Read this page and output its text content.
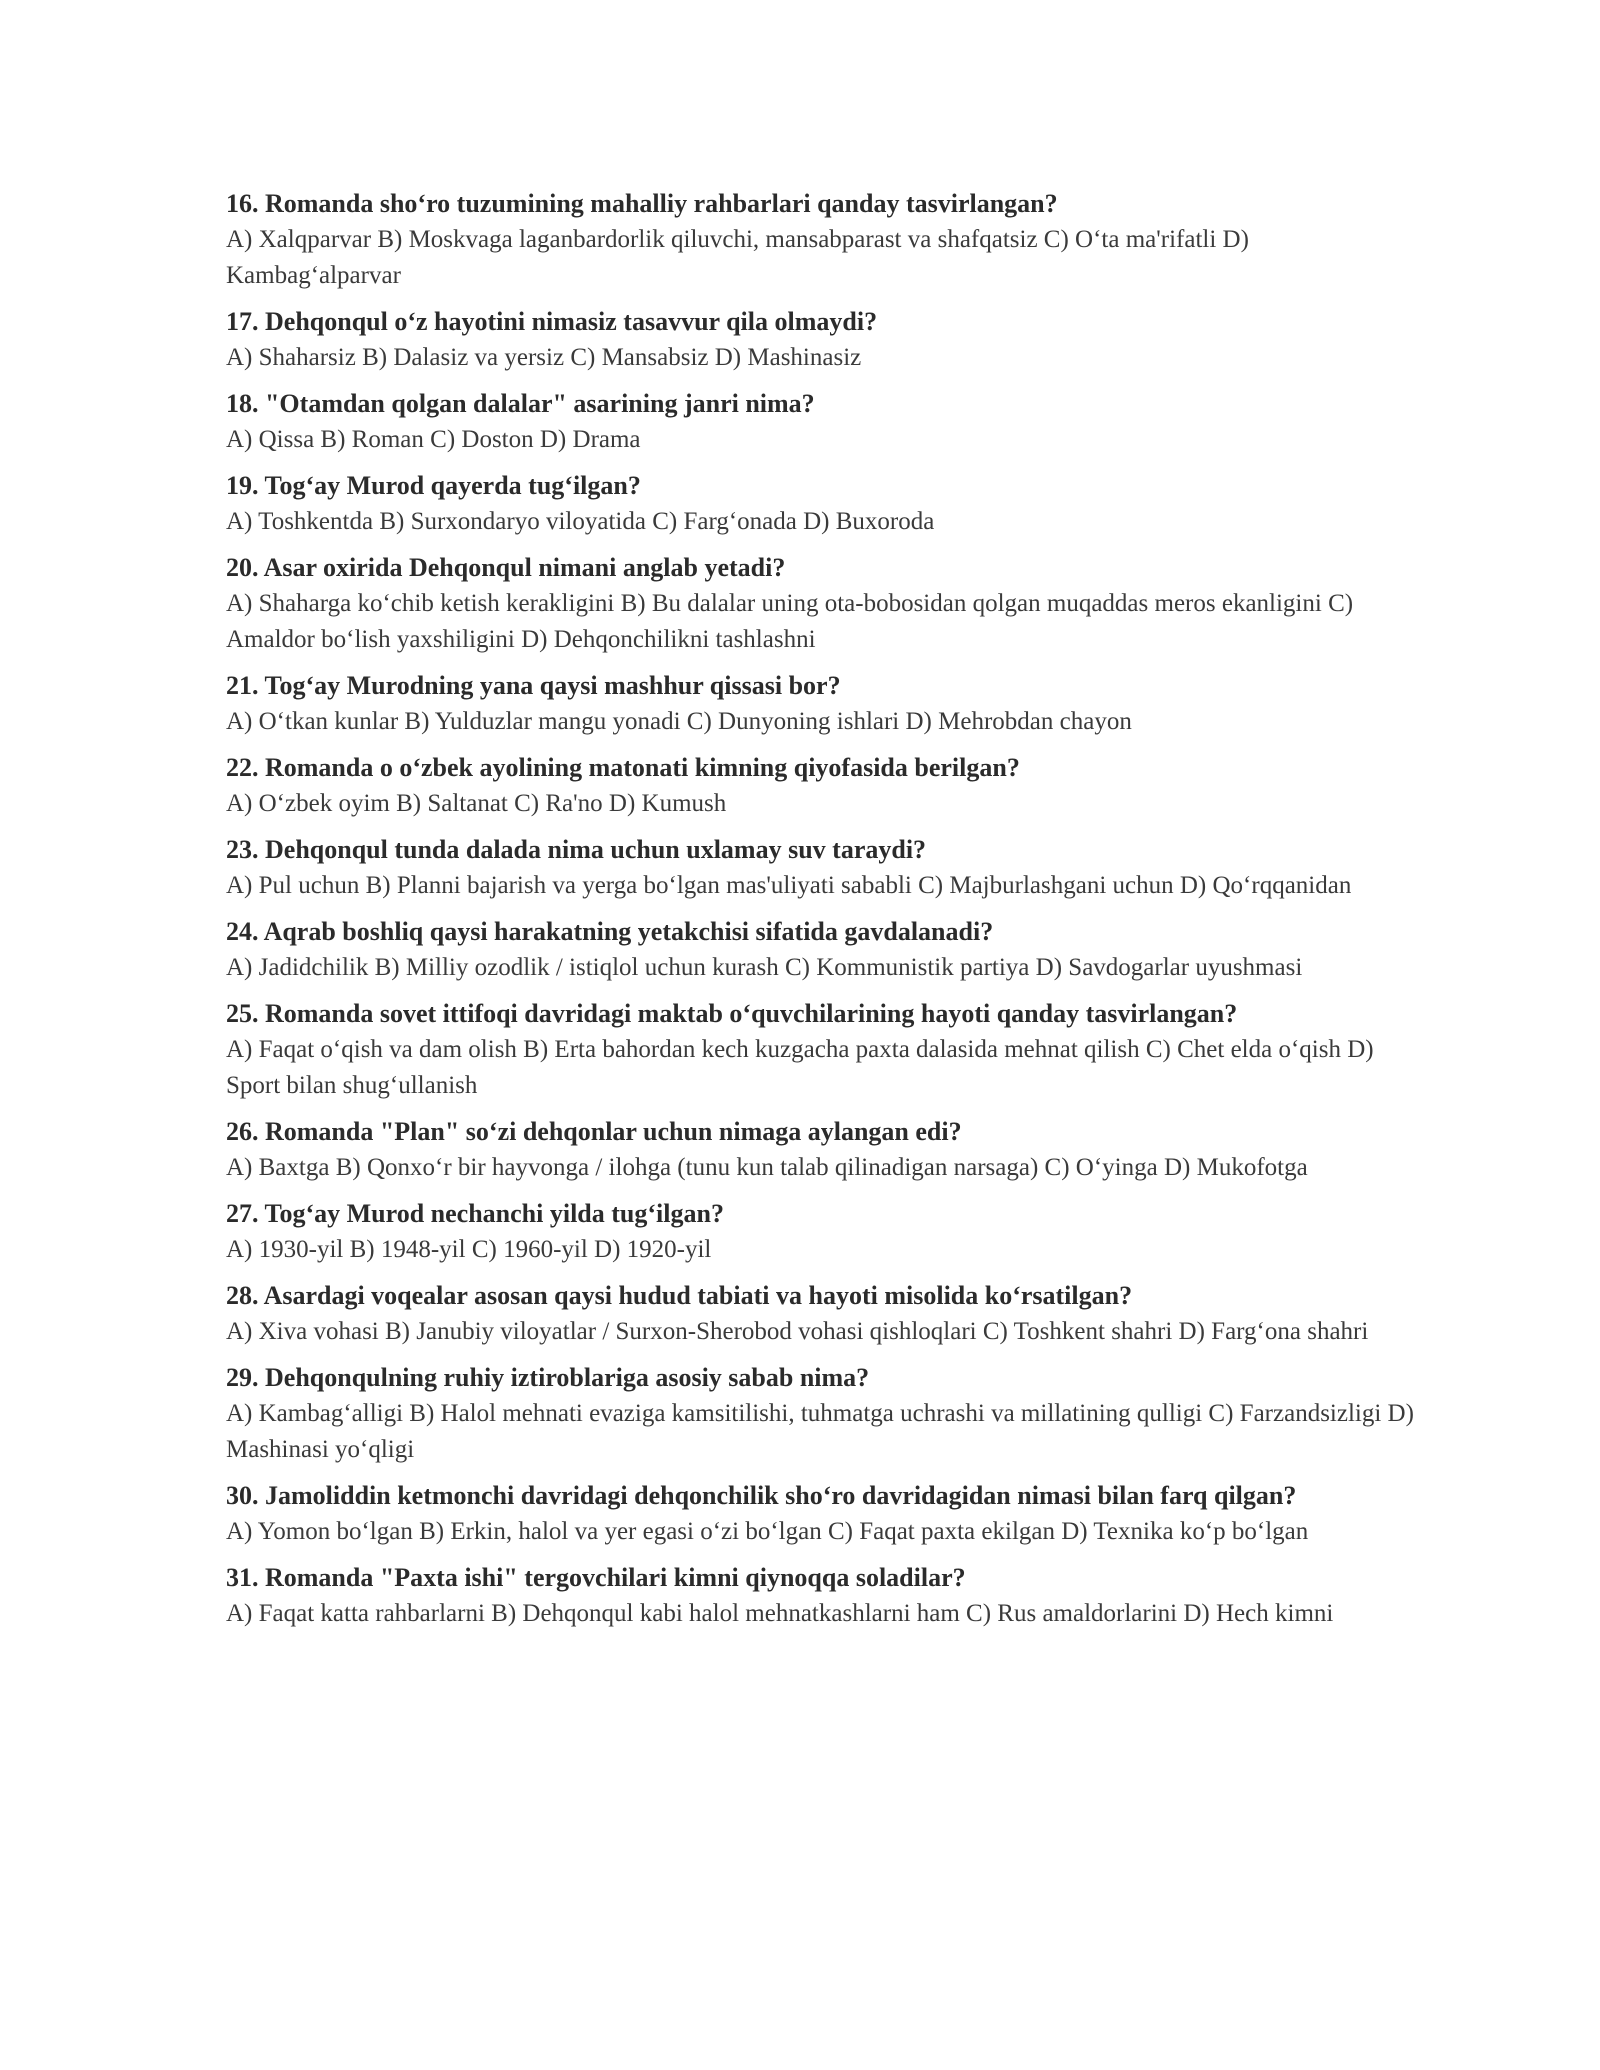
16. Romanda sho‘ro tuzumining mahalliy rahbarlari qanday tasvirlangan?

A) Xalqparvar B) Moskvaga laganbardorlik qiluvchi, mansabparast va shafqatsiz C) O‘ta ma'rifatli D) Kambag‘alparvar

17. Dehqonqul o‘z hayotini nimasiz tasavvur qila olmaydi?

A) Shaharsiz B) Dalasiz va yersiz C) Mansabsiz D) Mashinasiz

18. "Otamdan qolgan dalalar" asarining janri nima?

A) Qissa B) Roman C) Doston D) Drama

19. Tog‘ay Murod qayerda tug‘ilgan?

A) Toshkentda B) Surxondaryo viloyatida C) Farg‘onada D) Buxoroda

20. Asar oxirida Dehqonqul nimani anglab yetadi?

A) Shaharga ko‘chib ketish kerakligini B) Bu dalalar uning ota-bobosidan qolgan muqaddas meros ekanligini C) Amaldor bo‘lish yaxshiligini D) Dehqonchilikni tashlashni

21. Tog‘ay Murodning yana qaysi mashhur qissasi bor?

A) O‘tkan kunlar B) Yulduzlar mangu yonadi C) Dunyoning ishlari D) Mehrobdan chayon

22. Romanda o o‘zbek ayolining matonati kimning qiyofasida berilgan?

A) O‘zbek oyim B) Saltanat C) Ra'no D) Kumush

23. Dehqonqul tunda dalada nima uchun uxlamay suv taraydi?

A) Pul uchun B) Planni bajarish va yerga bo‘lgan mas'uliyati sababli C) Majburlashgani uchun D) Qo‘rqqanidan

24. Aqrab boshliq qaysi harakatning yetakchisi sifatida gavdalanadi?

A) Jadidchilik B) Milliy ozodlik / istiqlol uchun kurash C) Kommunistik partiya D) Savdogarlar uyushmasi

25. Romanda sovet ittifoqi davridagi maktab o‘quvchilarining hayoti qanday tasvirlangan?

A) Faqat o‘qish va dam olish B) Erta bahordan kech kuzgacha paxta dalasida mehnat qilish C) Chet elda o‘qish D) Sport bilan shug‘ullanish

26. Romanda "Plan" so‘zi dehqonlar uchun nimaga aylangan edi?

A) Baxtga B) Qonxo‘r bir hayvonga / ilohga (tunu kun talab qilinadigan narsaga) C) O‘yinga D) Mukofotga

27. Tog‘ay Murod nechanchi yilda tug‘ilgan?

A) 1930-yil B) 1948-yil C) 1960-yil D) 1920-yil

28. Asardagi voqealar asosan qaysi hudud tabiati va hayoti misolida ko‘rsatilgan?

A) Xiva vohasi B) Janubiy viloyatlar / Surxon-Sherobod vohasi qishloqlari C) Toshkent shahri D) Farg‘ona shahri

29. Dehqonqulning ruhiy iztiroblariga asosiy sabab nima?

A) Kambag‘alligi B) Halol mehnati evaziga kamsitilishi, tuhmatga uchrashi va millatining qulligi C) Farzandsizligi D) Mashinasi yo‘qligi

30. Jamoliddin ketmonchi davridagi dehqonchilik sho‘ro davridagidan nimasi bilan farq qilgan?

A) Yomon bo‘lgan B) Erkin, halol va yer egasi o‘zi bo‘lgan C) Faqat paxta ekilgan D) Texnika ko‘p bo‘lgan

31. Romanda "Paxta ishi" tergovchilari kimni qiynoqqa soladilar?

A) Faqat katta rahbarlarni B) Dehqonqul kabi halol mehnatkashlarni ham C) Rus amaldorlarini D) Hech kimni
